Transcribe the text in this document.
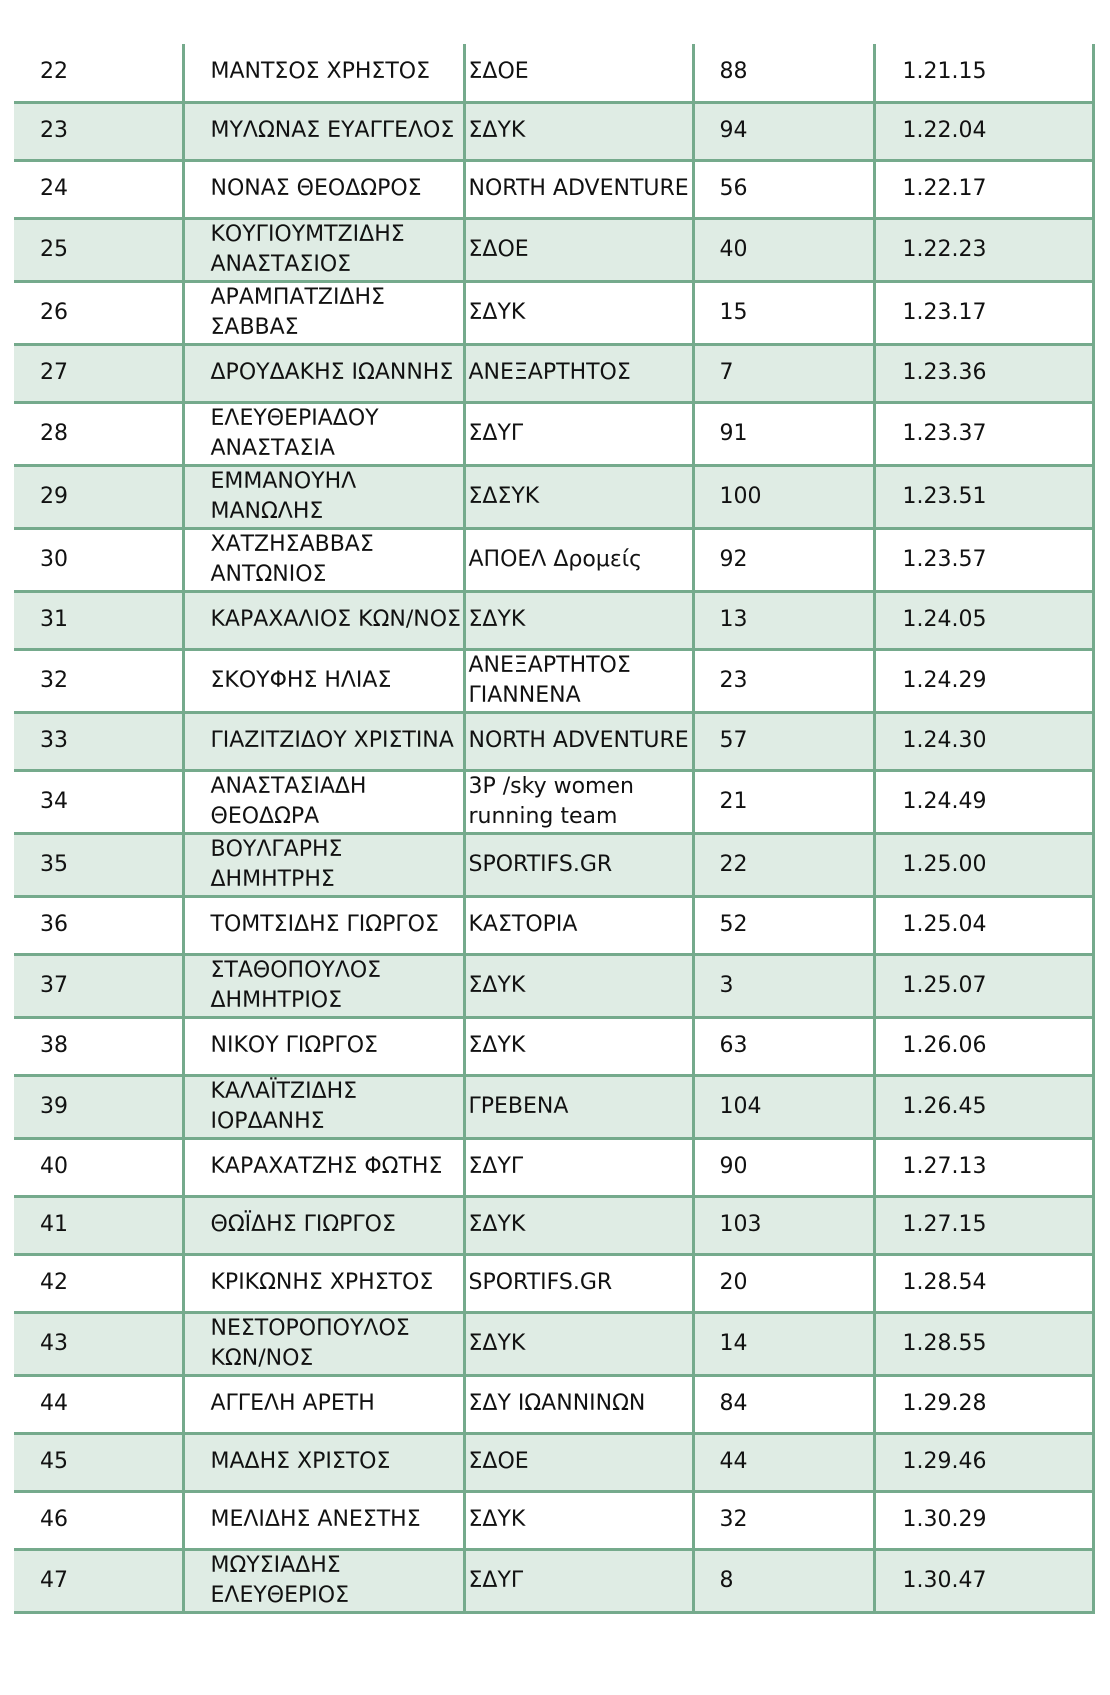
22	ΜΑΝΤΣΟΣ ΧΡΗΣΤΟΣ	ΣΔΟΕ	88	1.21.15

23	ΜΥΛΩΝΑΣ ΕΥΑΓΓΕΛΟΣ	ΣΔΥΚ	94	1.22.04

24	ΝΟΝΑΣ ΘΕΟΔΩΡΟΣ	NORTH ADVENTURE	56	1.22.17

25	ΚΟΥΓΙΟΥΜΤΖΙΔΗΣ ΑΝΑΣΤΑΣΙΟΣ	ΣΔΟΕ	40	1.22.23

26	ΑΡΑΜΠΑΤΖΙΔΗΣ ΣΑΒΒΑΣ	ΣΔΥΚ	15	1.23.17

27	ΔΡΟΥΔΑΚΗΣ ΙΩΑΝΝΗΣ	ΑΝΕΞΑΡΤΗΤΟΣ	7	1.23.36

28	ΕΛΕΥΘΕΡΙΑΔΟΥ ΑΝΑΣΤΑΣΙΑ	ΣΔΥΓ	91	1.23.37

29	ΕΜΜΑΝΟΥΗΛ ΜΑΝΩΛΗΣ	ΣΔΣΥΚ	100	1.23.51

30	ΧΑΤΖΗΣΑΒΒΑΣ ΑΝΤΩΝΙΟΣ	ΑΠΟΕΛ Δρομείς	92	1.23.57

31	ΚΑΡΑΧΑΛΙΟΣ ΚΩΝ/ΝΟΣ	ΣΔΥΚ	13	1.24.05

32	ΣΚΟΥΦΗΣ ΗΛΙΑΣ	ΑΝΕΞΑΡΤΗΤΟΣ ΓΙΑΝΝΕΝΑ	23	1.24.29

33	ΓΙΑΖΙΤΖΙΔΟΥ ΧΡΙΣΤΙΝΑ	NORTH ADVENTURE	57	1.24.30

34	ΑΝΑΣΤΑΣΙΑΔΗ ΘΕΟΔΩΡΑ	3P /sky women running team	21	1.24.49

35	ΒΟΥΛΓΑΡΗΣ ΔΗΜΗΤΡΗΣ	SPORTIFS.GR	22	1.25.00

36	ΤΟΜΤΣΙΔΗΣ ΓΙΩΡΓΟΣ	ΚΑΣΤΟΡΙΑ	52	1.25.04

37	ΣΤΑΘΟΠΟΥΛΟΣ ΔΗΜΗΤΡΙΟΣ	ΣΔΥΚ	3	1.25.07

38	ΝΙΚΟΥ ΓΙΩΡΓΟΣ	ΣΔΥΚ	63	1.26.06

39	ΚΑΛΑΪΤΖΙΔΗΣ ΙΟΡΔΑΝΗΣ	ΓΡΕΒΕΝΑ	104	1.26.45

40	ΚΑΡΑΧΑΤΖΗΣ ΦΩΤΗΣ	ΣΔΥΓ	90	1.27.13

41	ΘΩΪΔΗΣ ΓΙΩΡΓΟΣ	ΣΔΥΚ	103	1.27.15

42	ΚΡΙΚΩΝΗΣ ΧΡΗΣΤΟΣ	SPORTIFS.GR	20	1.28.54

43	ΝΕΣΤΟΡΟΠΟΥΛΟΣ ΚΩΝ/ΝΟΣ	ΣΔΥΚ	14	1.28.55

44	ΑΓΓΕΛΗ ΑΡΕΤΗ	ΣΔΥ ΙΩΑΝΝΙΝΩΝ	84	1.29.28

45	ΜΑΔΗΣ ΧΡΙΣΤΟΣ	ΣΔΟΕ	44	1.29.46

46	ΜΕΛΙΔΗΣ ΑΝΕΣΤΗΣ	ΣΔΥΚ	32	1.30.29

47	ΜΩΥΣΙΑΔΗΣ ΕΛΕΥΘΕΡΙΟΣ	ΣΔΥΓ	8	1.30.47
